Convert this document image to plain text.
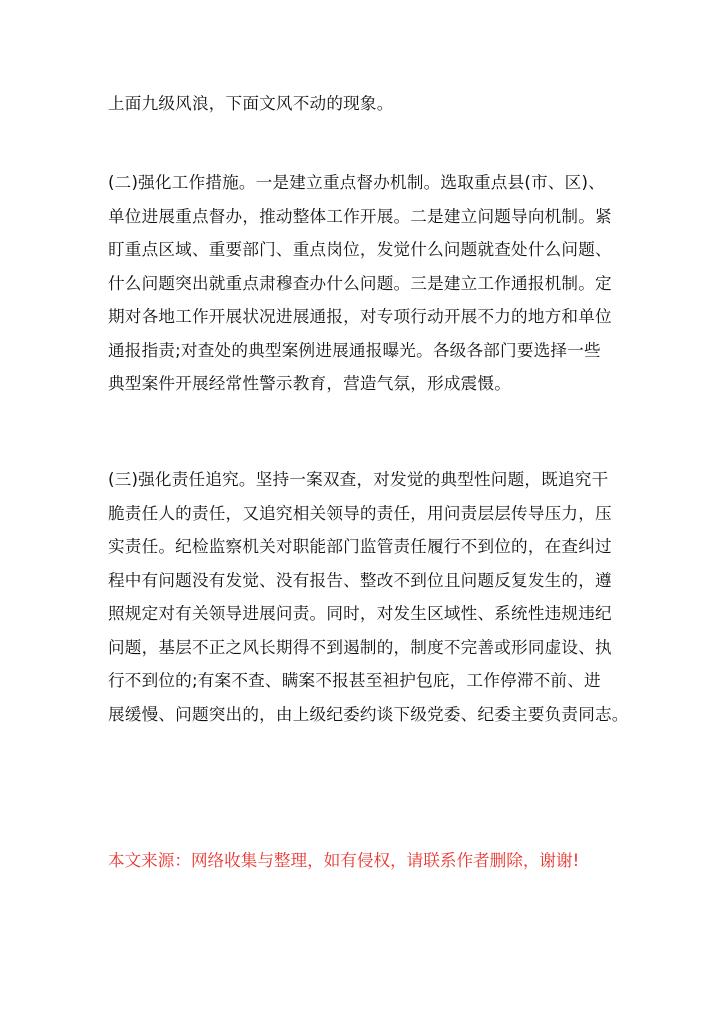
上面九级风浪，下面文风不动的现象。
(二)强化工作措施。一是建立重点督办机制。选取重点县(市、区)、
单位进展重点督办，推动整体工作开展。二是建立问题导向机制。紧
盯重点区域、重要部门、重点岗位，发觉什么问题就查处什么问题、
什么问题突出就重点肃穆查办什么问题。三是建立工作通报机制。定
期对各地工作开展状况进展通报，对专项行动开展不力的地方和单位
通报指责;对查处的典型案例进展通报曝光。各级各部门要选择一些
典型案件开展经常性警示教育，营造气氛，形成震慑。
(三)强化责任追究。坚持一案双查，对发觉的典型性问题，既追究干
脆责任人的责任，又追究相关领导的责任，用问责层层传导压力，压
实责任。纪检监察机关对职能部门监管责任履行不到位的，在查纠过
程中有问题没有发觉、没有报告、整改不到位且问题反复发生的，遵
照规定对有关领导进展问责。同时，对发生区域性、系统性违规违纪
问题，基层不正之风长期得不到遏制的，制度不完善或形同虚设、执
行不到位的;有案不查、瞒案不报甚至袒护包庇，工作停滞不前、进
展缓慢、问题突出的，由上级纪委约谈下级党委、纪委主要负责同志。
本文来源：网络收集与整理，如有侵权，请联系作者删除，谢谢!
